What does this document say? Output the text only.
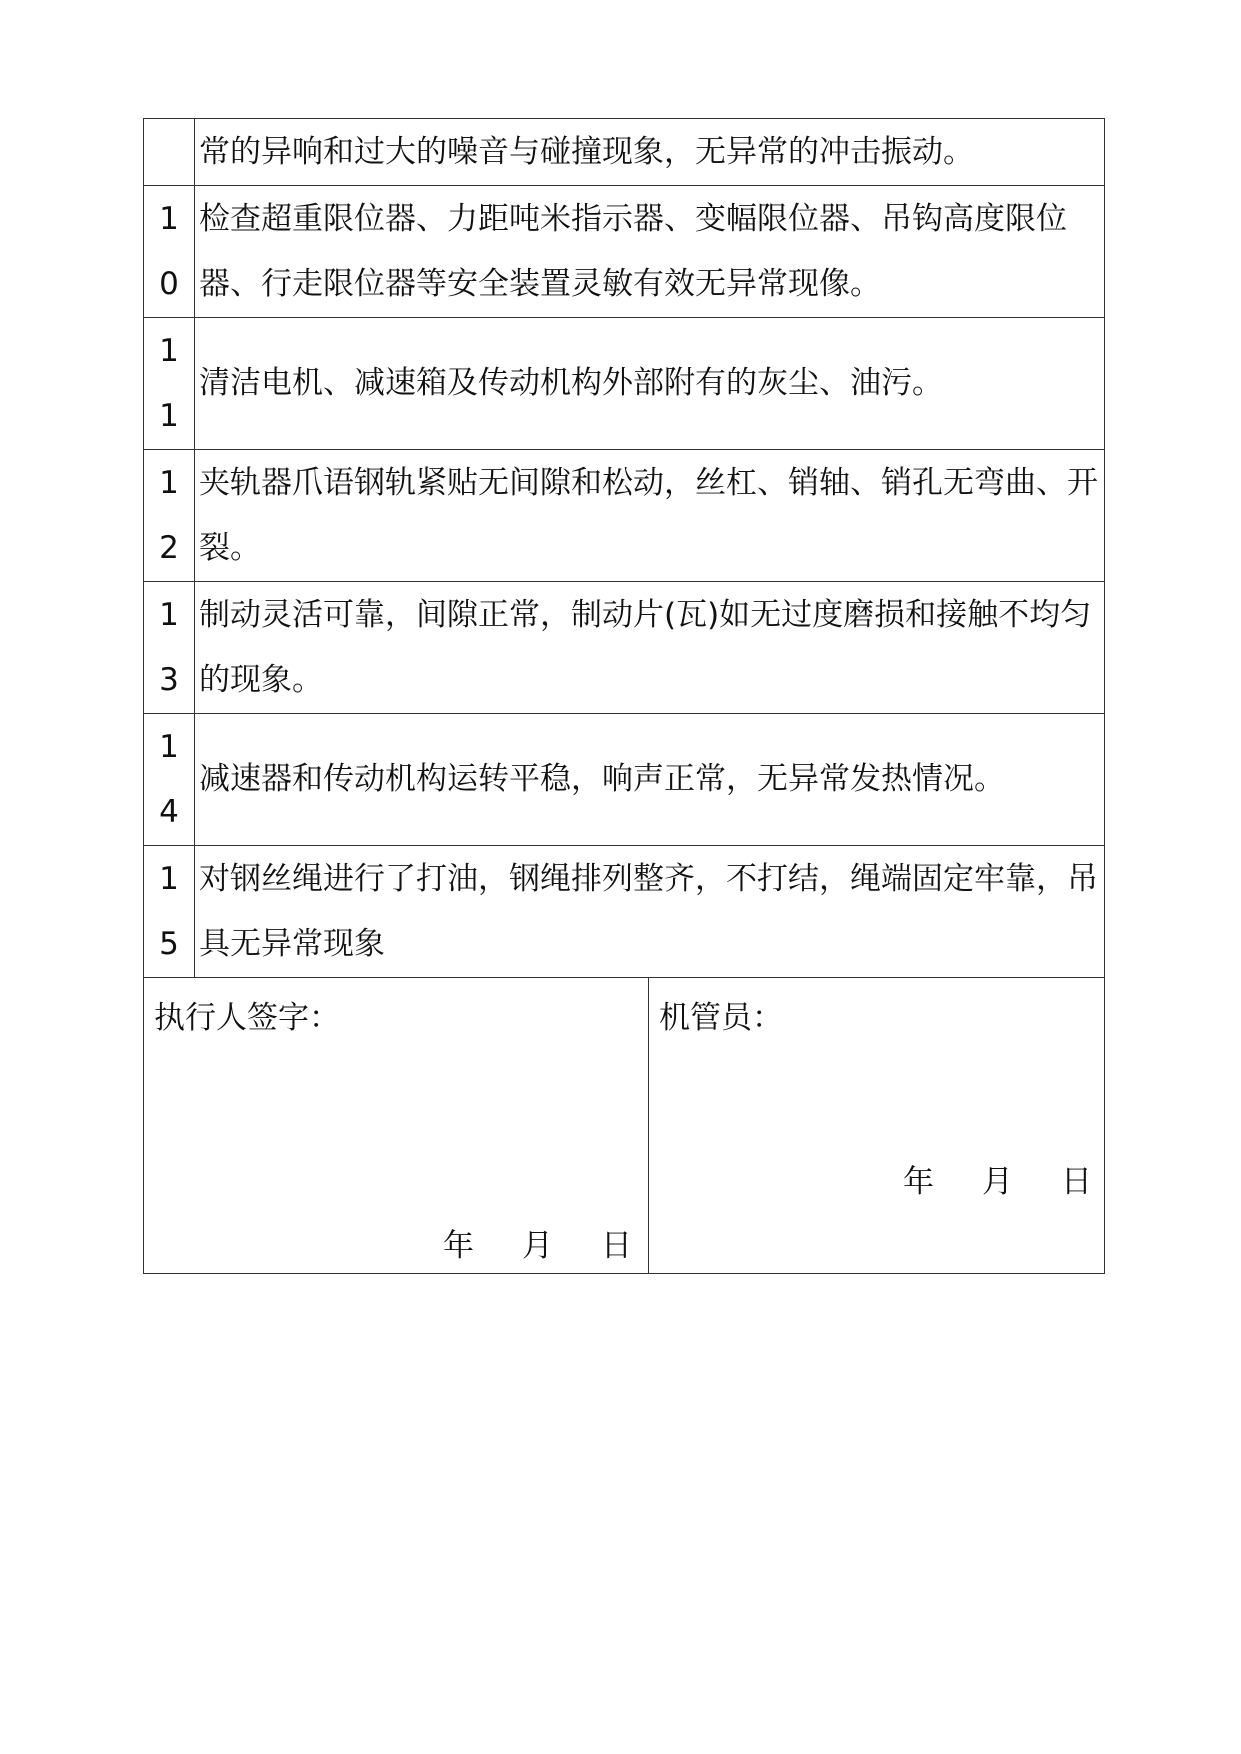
常的异响和过大的噪音与碰撞现象，无异常的冲击振动。
1
0
检查超重限位器、力距吨米指示器、变幅限位器、吊钩高度限位器、行走限位器等安全装置灵敏有效无异常现像。
1
1
清洁电机、减速箱及传动机构外部附有的灰尘、油污。
1
2
夹轨器爪语钢轨紧贴无间隙和松动，丝杠、销轴、销孔无弯曲、开裂。
1
3
制动灵活可靠，间隙正常，制动片(瓦)如无过度磨损和接触不均匀的现象。
1
4
减速器和传动机构运转平稳，响声正常，无异常发热情况。
1
5
对钢丝绳进行了打油，钢绳排列整齐，不打结，绳端固定牢靠，吊具无异常现象
执行人签字：
年 月 日
机管员：
年 月 日
